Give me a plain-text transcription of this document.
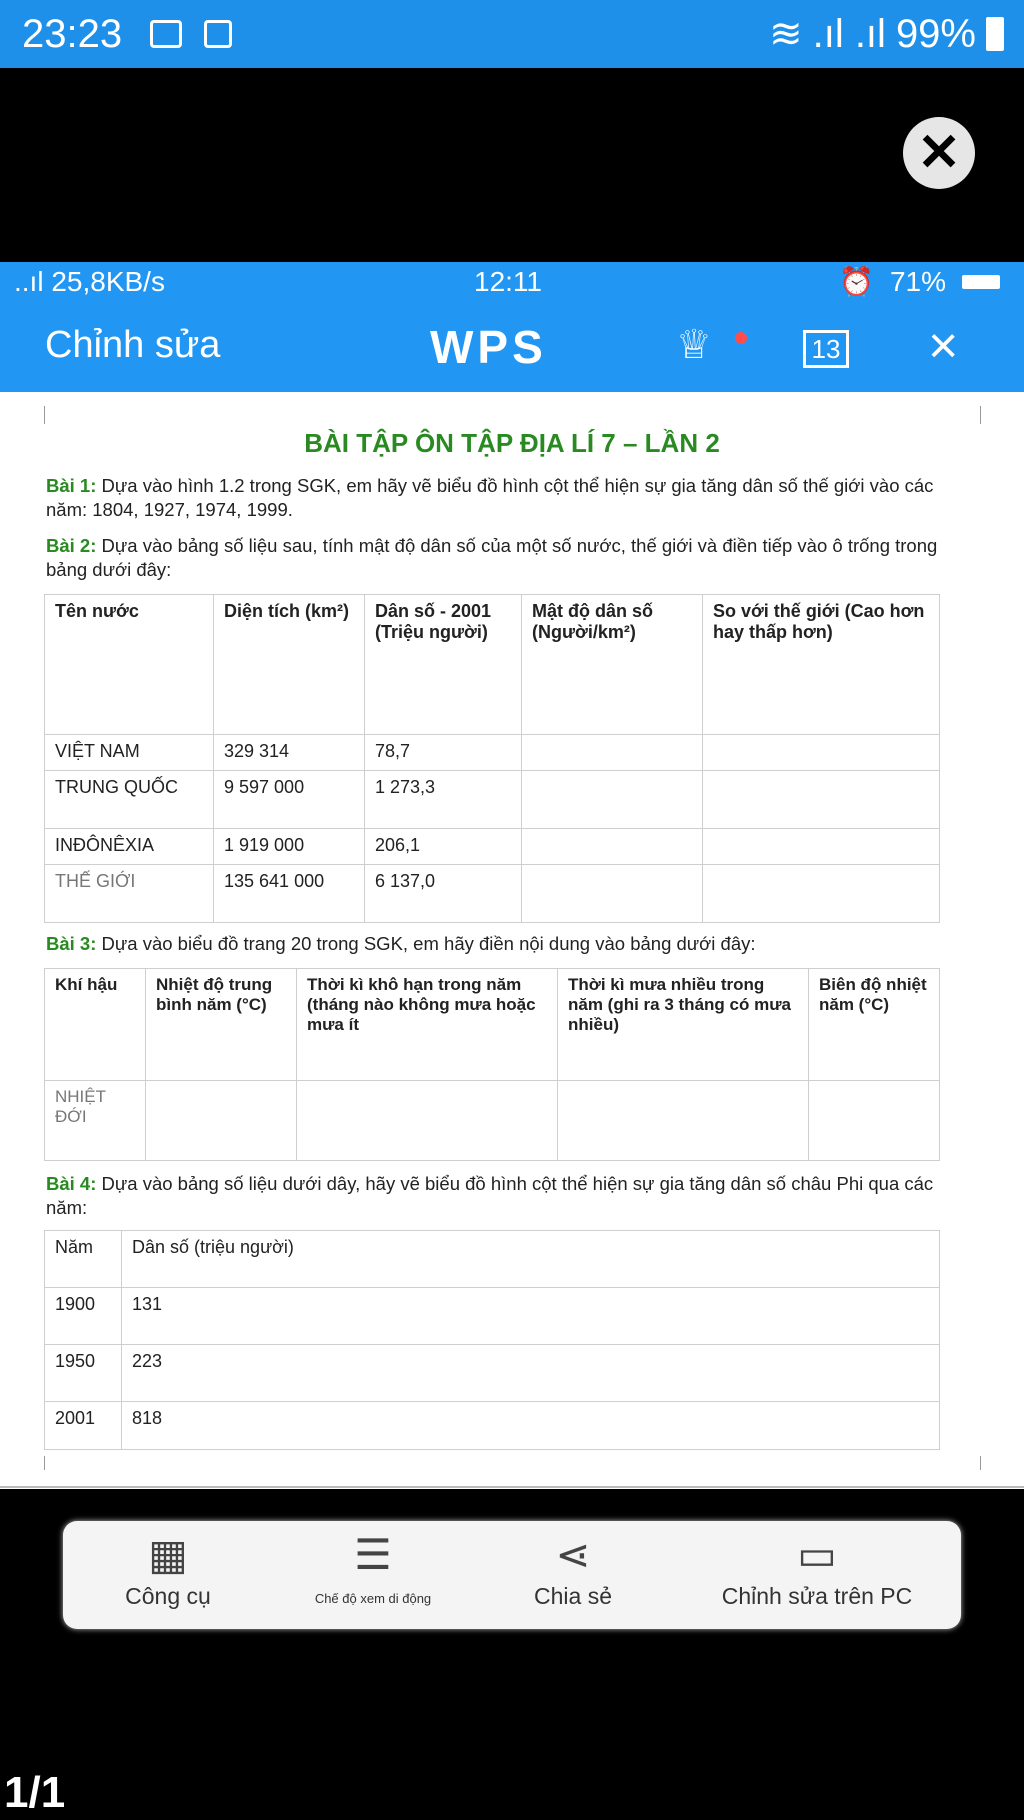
23:23	≋ .ıl .ıl 99%
✕
..ıl 25,8KB/s	12:11	⏰ 71%
Chỉnh sửa	WPS	♕	13 ×
BÀI TẬP ÔN TẬP ĐỊA LÍ 7 – LẦN 2
Bài 1: Dựa vào hình 1.2 trong SGK, em hãy vẽ biểu đồ hình cột thể hiện sự gia tăng dân số thế giới vào các năm: 1804, 1927, 1974, 1999.
Bài 2: Dựa vào bảng số liệu sau, tính mật độ dân số của một số nước, thế giới và điền tiếp vào ô trống trong bảng dưới đây:
Tên nước	Diện tích (km²)	Dân số - 2001 (Triệu người)	Mật độ dân số (Người/km²)	So với thế giới (Cao hơn hay thấp hơn)
VIỆT NAM	329 314	78,7		
TRUNG QUỐC	9 597 000	1 273,3		
INĐÔNÊXIA	1 919 000	206,1		
THẾ GIỚI	135 641 000	6 137,0		
Bài 3: Dựa vào biểu đồ trang 20 trong SGK, em hãy điền nội dung vào bảng dưới đây:
Khí hậu	Nhiệt độ trung bình năm (°C)	Thời kì khô hạn trong năm (tháng nào không mưa hoặc mưa ít	Thời kì mưa nhiều trong năm (ghi ra 3 tháng có mưa nhiều)	Biên độ nhiệt năm (°C)
NHIỆT ĐỚI				
Bài 4: Dựa vào bảng số liệu dưới dây, hãy vẽ biểu đồ hình cột thể hiện sự gia tăng dân số châu Phi qua các năm:
Năm	Dân số (triệu người)
1900	131
1950	223
2001	818
▦
Công cụ
☰
Chế độ xem di động
⋖
Chia sẻ
▭
Chỉnh sửa trên PC
1/1
